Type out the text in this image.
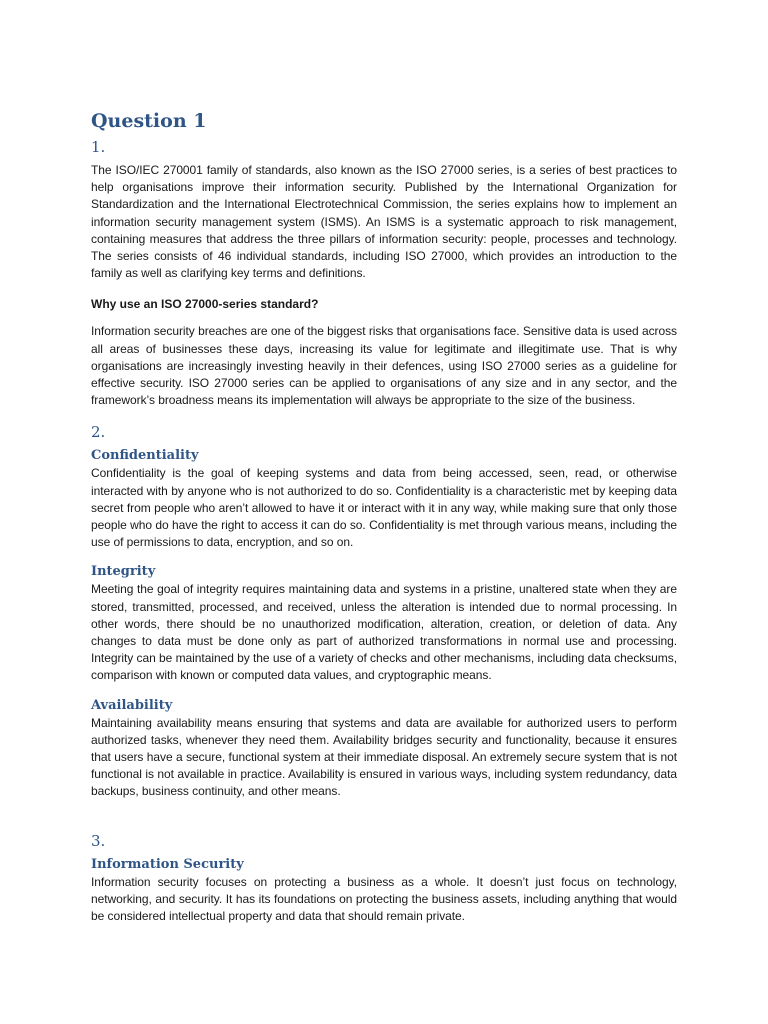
Question 1
1.

The ISO/IEC 270001 family of standards, also known as the ISO 27000 series, is a series of best practices to help organisations improve their information security. Published by the International Organization for Standardization and the International Electrotechnical Commission, the series explains how to implement an information security management system (ISMS). An ISMS is a systematic approach to risk management, containing measures that address the three pillars of information security: people, processes and technology. The series consists of 46 individual standards, including ISO 27000, which provides an introduction to the family as well as clarifying key terms and definitions.

Why use an ISO 27000-series standard?

Information security breaches are one of the biggest risks that organisations face. Sensitive data is used across all areas of businesses these days, increasing its value for legitimate and illegitimate use. That is why organisations are increasingly investing heavily in their defences, using ISO 27000 series as a guideline for effective security. ISO 27000 series can be applied to organisations of any size and in any sector, and the framework’s broadness means its implementation will always be appropriate to the size of the business.

2.
Confidentiality

Confidentiality is the goal of keeping systems and data from being accessed, seen, read, or otherwise interacted with by anyone who is not authorized to do so. Confidentiality is a characteristic met by keeping data secret from people who aren’t allowed to have it or interact with it in any way, while making sure that only those people who do have the right to access it can do so. Confidentiality is met through various means, including the use of permissions to data, encryption, and so on.

Integrity

Meeting the goal of integrity requires maintaining data and systems in a pristine, unaltered state when they are stored, transmitted, processed, and received, unless the alteration is intended due to normal processing. In other words, there should be no unauthorized modification, alteration, creation, or deletion of data. Any changes to data must be done only as part of authorized transformations in normal use and processing. Integrity can be maintained by the use of a variety of checks and other mechanisms, including data checksums, comparison with known or computed data values, and cryptographic means.

Availability

Maintaining availability means ensuring that systems and data are available for authorized users to perform authorized tasks, whenever they need them. Availability bridges security and functionality, because it ensures that users have a secure, functional system at their immediate disposal. An extremely secure system that is not functional is not available in practice. Availability is ensured in various ways, including system redundancy, data backups, business continuity, and other means.

3.
Information Security

Information security focuses on protecting a business as a whole. It doesn’t just focus on technology, networking, and security. It has its foundations on protecting the business assets, including anything that would be considered intellectual property and data that should remain private.
